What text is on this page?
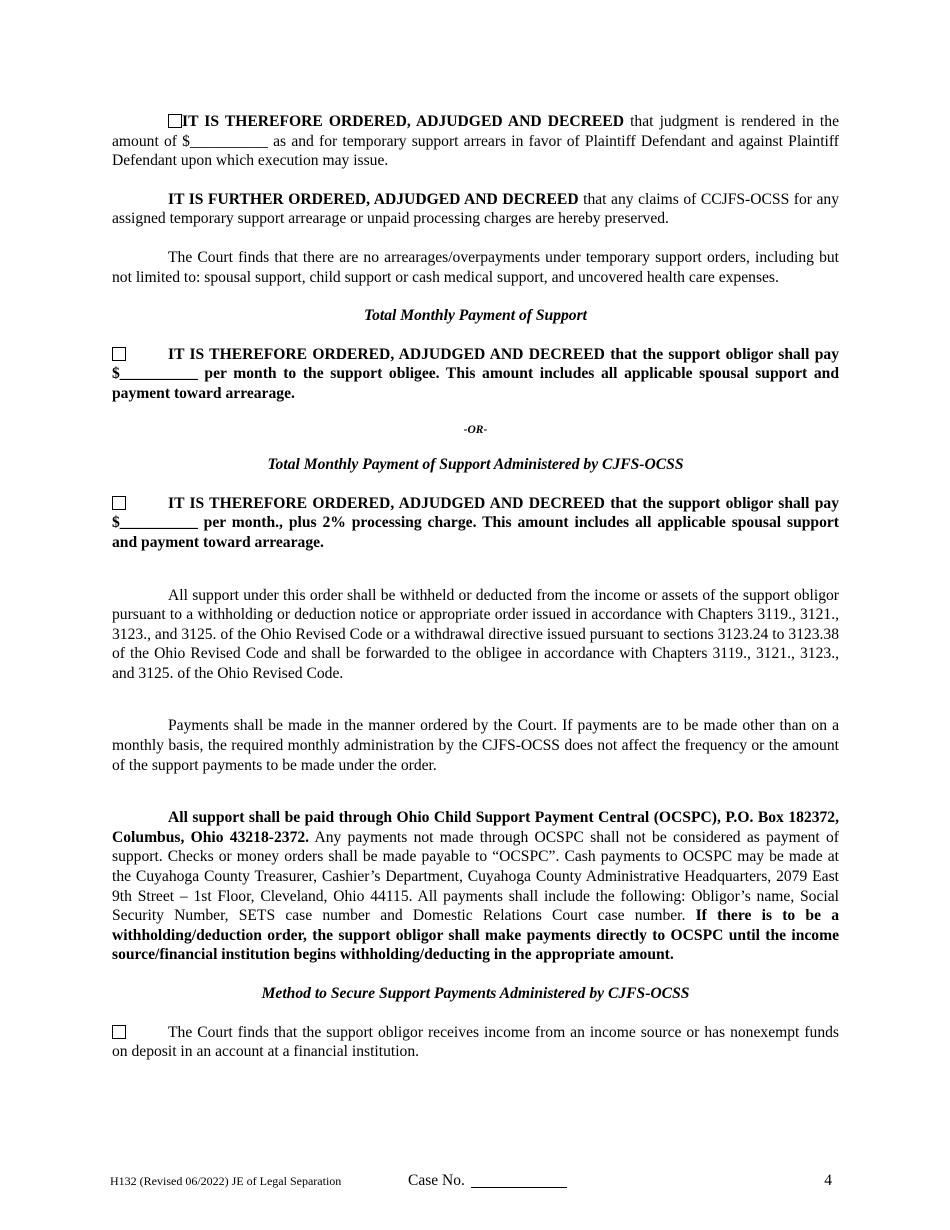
IT IS THEREFORE ORDERED, ADJUDGED AND DECREED that judgment is rendered in the amount of $__________ as and for temporary support arrears in favor of Plaintiff Defendant and against Plaintiff Defendant upon which execution may issue.

IT IS FURTHER ORDERED, ADJUDGED AND DECREED that any claims of CCJFS-OCSS for any assigned temporary support arrearage or unpaid processing charges are hereby preserved.

The Court finds that there are no arrearages/overpayments under temporary support orders, including but not limited to: spousal support, child support or cash medical support, and uncovered health care expenses.

Total Monthly Payment of Support

IT IS THEREFORE ORDERED, ADJUDGED AND DECREED that the support obligor shall pay $__________ per month to the support obligee. This amount includes all applicable spousal support and payment toward arrearage.

-OR-

Total Monthly Payment of Support Administered by CJFS-OCSS

IT IS THEREFORE ORDERED, ADJUDGED AND DECREED that the support obligor shall pay $__________ per month., plus 2% processing charge. This amount includes all applicable spousal support and payment toward arrearage.

All support under this order shall be withheld or deducted from the income or assets of the support obligor pursuant to a withholding or deduction notice or appropriate order issued in accordance with Chapters 3119., 3121., 3123., and 3125. of the Ohio Revised Code or a withdrawal directive issued pursuant to sections 3123.24 to 3123.38 of the Ohio Revised Code and shall be forwarded to the obligee in accordance with Chapters 3119., 3121., 3123., and 3125. of the Ohio Revised Code.

Payments shall be made in the manner ordered by the Court. If payments are to be made other than on a monthly basis, the required monthly administration by the CJFS-OCSS does not affect the frequency or the amount of the support payments to be made under the order.

All support shall be paid through Ohio Child Support Payment Central (OCSPC), P.O. Box 182372, Columbus, Ohio 43218-2372. Any payments not made through OCSPC shall not be considered as payment of support. Checks or money orders shall be made payable to “OCSPC”. Cash payments to OCSPC may be made at the Cuyahoga County Treasurer, Cashier’s Department, Cuyahoga County Administrative Headquarters, 2079 East 9th Street – 1st Floor, Cleveland, Ohio 44115. All payments shall include the following: Obligor’s name, Social Security Number, SETS case number and Domestic Relations Court case number. If there is to be a withholding/deduction order, the support obligor shall make payments directly to OCSPC until the income source/financial institution begins withholding/deducting in the appropriate amount.

Method to Secure Support Payments Administered by CJFS-OCSS

The Court finds that the support obligor receives income from an income source or has nonexempt funds on deposit in an account at a financial institution.

H132 (Revised 06/2022) JE of Legal Separation	Case No.	4
